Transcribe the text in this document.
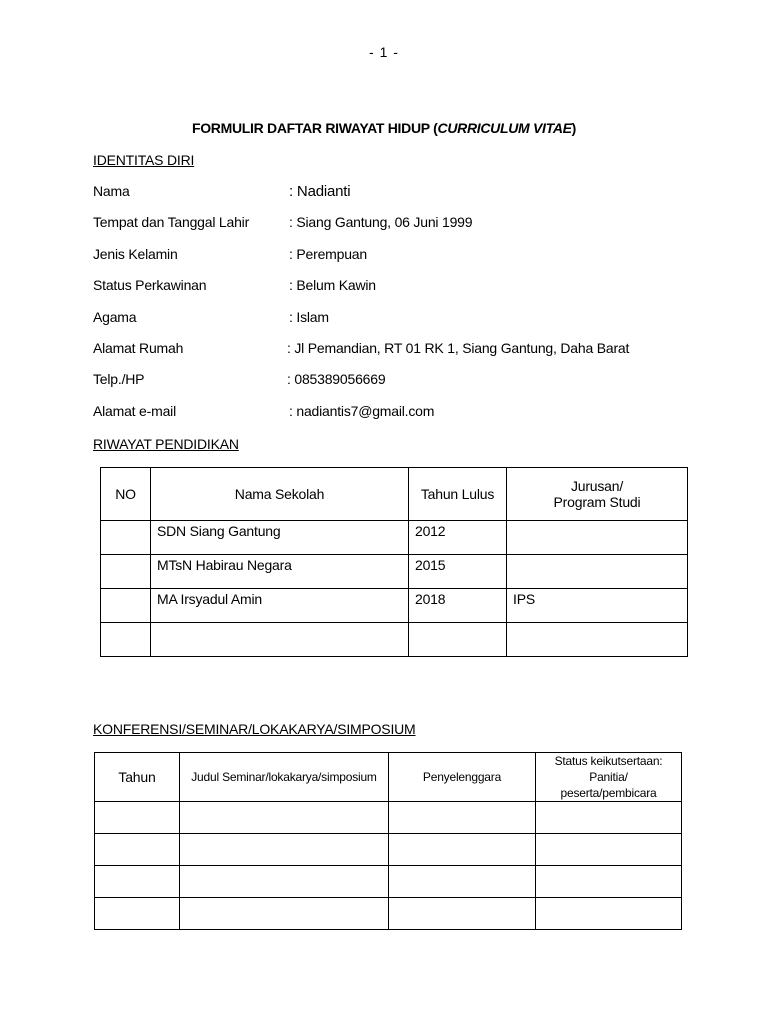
- 1 -
FORMULIR DAFTAR RIWAYAT HIDUP (CURRICULUM VITAE)
IDENTITAS DIRI
Nama	: Nadianti
Tempat dan Tanggal Lahir	: Siang Gantung, 06 Juni 1999
Jenis Kelamin	: Perempuan
Status Perkawinan	: Belum Kawin
Agama	: Islam
Alamat Rumah	: Jl Pemandian, RT 01 RK 1, Siang Gantung, Daha Barat
Telp./HP	: 085389056669
Alamat e-mail	: nadiantis7@gmail.com
RIWAYAT PENDIDIKAN
NO	Nama Sekolah	Tahun Lulus	Jurusan/
Program Studi

	SDN Siang Gantung	2012	
	MTsN Habirau Negara	2015	
	MA Irsyadul Amin	2018	IPS

KONFERENSI/SEMINAR/LOKAKARYA/SIMPOSIUM
Tahun	Judul Seminar/lokakarya/simposium	Penyelenggara	Status keikutsertaan:
Panitia/
peserta/pembicara
